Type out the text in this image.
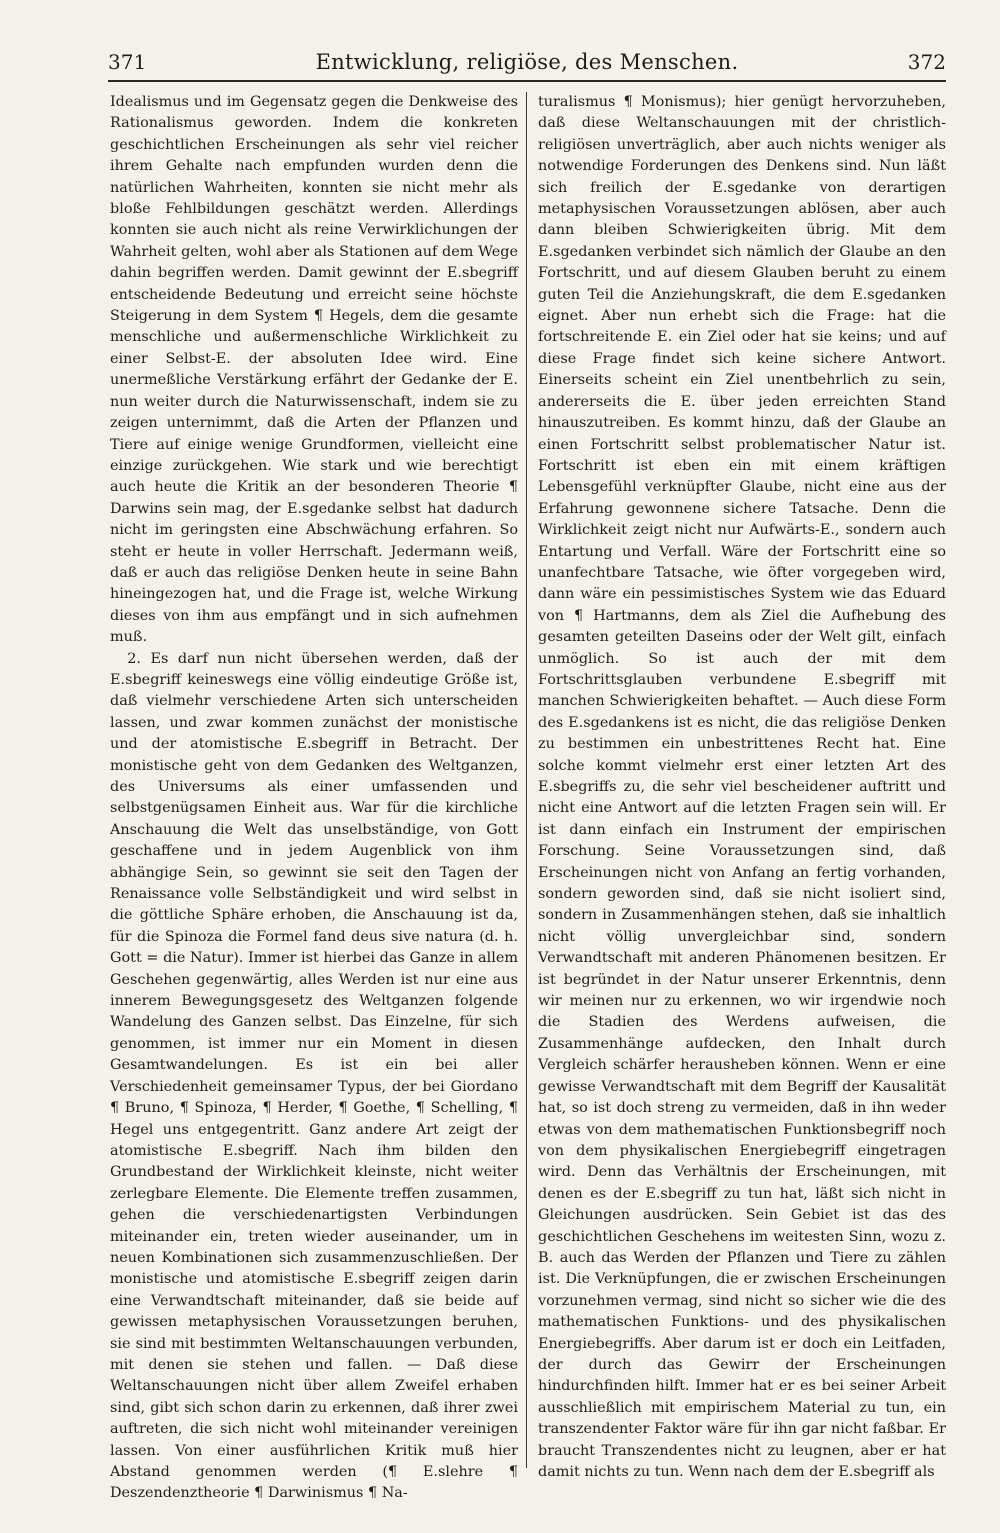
371	Entwicklung, religiöse, des Menschen.	372

Idealismus und im Gegensatz gegen die Denkweise des Rationalismus geworden. Indem die konkreten geschichtlichen Erscheinungen als sehr viel reicher ihrem Gehalte nach empfunden wurden denn die natürlichen Wahrheiten, konnten sie nicht mehr als bloße Fehlbildungen geschätzt werden. Allerdings konnten sie auch nicht als reine Verwirklichungen der Wahrheit gelten, wohl aber als Stationen auf dem Wege dahin begriffen werden. Damit gewinnt der E.sbegriff entscheidende Bedeutung und erreicht seine höchste Steigerung in dem System ¶ Hegels, dem die gesamte menschliche und außermenschliche Wirklichkeit zu einer Selbst-E. der absoluten Idee wird. Eine unermeßliche Verstärkung erfährt der Gedanke der E. nun weiter durch die Naturwissenschaft, indem sie zu zeigen unternimmt, daß die Arten der Pflanzen und Tiere auf einige wenige Grundformen, vielleicht eine einzige zurückgehen. Wie stark und wie berechtigt auch heute die Kritik an der besonderen Theorie ¶ Darwins sein mag, der E.sgedanke selbst hat dadurch nicht im geringsten eine Abschwächung erfahren. So steht er heute in voller Herrschaft. Jedermann weiß, daß er auch das religiöse Denken heute in seine Bahn hineingezogen hat, und die Frage ist, welche Wirkung dieses von ihm aus empfängt und in sich aufnehmen muß.

2. Es darf nun nicht übersehen werden, daß der E.sbegriff keineswegs eine völlig eindeutige Größe ist, daß vielmehr verschiedene Arten sich unterscheiden lassen, und zwar kommen zunächst der monistische und der atomistische E.sbegriff in Betracht. Der monistische geht von dem Gedanken des Weltganzen, des Universums als einer umfassenden und selbstgenügsamen Einheit aus. War für die kirchliche Anschauung die Welt das unselbständige, von Gott geschaffene und in jedem Augenblick von ihm abhängige Sein, so gewinnt sie seit den Tagen der Renaissance volle Selbständigkeit und wird selbst in die göttliche Sphäre erhoben, die Anschauung ist da, für die Spinoza die Formel fand deus sive natura (d. h. Gott = die Natur). Immer ist hierbei das Ganze in allem Geschehen gegenwärtig, alles Werden ist nur eine aus innerem Bewegungsgesetz des Weltganzen folgende Wandelung des Ganzen selbst. Das Einzelne, für sich genommen, ist immer nur ein Moment in diesen Gesamtwandelungen. Es ist ein bei aller Verschiedenheit gemeinsamer Typus, der bei Giordano ¶ Bruno, ¶ Spinoza, ¶ Herder, ¶ Goethe, ¶ Schelling, ¶ Hegel uns entgegentritt. Ganz andere Art zeigt der atomistische E.sbegriff. Nach ihm bilden den Grundbestand der Wirklichkeit kleinste, nicht weiter zerlegbare Elemente. Die Elemente treffen zusammen, gehen die verschiedenartigsten Verbindungen miteinander ein, treten wieder auseinander, um in neuen Kombinationen sich zusammenzuschließen. Der monistische und atomistische E.sbegriff zeigen darin eine Verwandtschaft miteinander, daß sie beide auf gewissen metaphysischen Voraussetzungen beruhen, sie sind mit bestimmten Weltanschauungen verbunden, mit denen sie stehen und fallen. — Daß diese Weltanschauungen nicht über allem Zweifel erhaben sind, gibt sich schon darin zu erkennen, daß ihrer zwei auftreten, die sich nicht wohl miteinander vereinigen lassen. Von einer ausführlichen Kritik muß hier Abstand genommen werden (¶ E.slehre ¶ Deszendenztheorie ¶ Darwinismus ¶ Na-

turalismus ¶ Monismus); hier genügt hervorzuheben, daß diese Weltanschauungen mit der christlich-religiösen unverträglich, aber auch nichts weniger als notwendige Forderungen des Denkens sind. Nun läßt sich freilich der E.sgedanke von derartigen metaphysischen Voraussetzungen ablösen, aber auch dann bleiben Schwierigkeiten übrig. Mit dem E.sgedanken verbindet sich nämlich der Glaube an den Fortschritt, und auf diesem Glauben beruht zu einem guten Teil die Anziehungskraft, die dem E.sgedanken eignet. Aber nun erhebt sich die Frage: hat die fortschreitende E. ein Ziel oder hat sie keins; und auf diese Frage findet sich keine sichere Antwort. Einerseits scheint ein Ziel unentbehrlich zu sein, andererseits die E. über jeden erreichten Stand hinauszutreiben. Es kommt hinzu, daß der Glaube an einen Fortschritt selbst problematischer Natur ist. Fortschritt ist eben ein mit einem kräftigen Lebensgefühl verknüpfter Glaube, nicht eine aus der Erfahrung gewonnene sichere Tatsache. Denn die Wirklichkeit zeigt nicht nur Aufwärts-E., sondern auch Entartung und Verfall. Wäre der Fortschritt eine so unanfechtbare Tatsache, wie öfter vorgegeben wird, dann wäre ein pessimistisches System wie das Eduard von ¶ Hartmanns, dem als Ziel die Aufhebung des gesamten geteilten Daseins oder der Welt gilt, einfach unmöglich. So ist auch der mit dem Fortschrittsglauben verbundene E.sbegriff mit manchen Schwierigkeiten behaftet. — Auch diese Form des E.sgedankens ist es nicht, die das religiöse Denken zu bestimmen ein unbestrittenes Recht hat. Eine solche kommt vielmehr erst einer letzten Art des E.sbegriffs zu, die sehr viel bescheidener auftritt und nicht eine Antwort auf die letzten Fragen sein will. Er ist dann einfach ein Instrument der empirischen Forschung. Seine Voraussetzungen sind, daß Erscheinungen nicht von Anfang an fertig vorhanden, sondern geworden sind, daß sie nicht isoliert sind, sondern in Zusammenhängen stehen, daß sie inhaltlich nicht völlig unvergleichbar sind, sondern Verwandtschaft mit anderen Phänomenen besitzen. Er ist begründet in der Natur unserer Erkenntnis, denn wir meinen nur zu erkennen, wo wir irgendwie noch die Stadien des Werdens aufweisen, die Zusammenhänge aufdecken, den Inhalt durch Vergleich schärfer herausheben können. Wenn er eine gewisse Verwandtschaft mit dem Begriff der Kausalität hat, so ist doch streng zu vermeiden, daß in ihn weder etwas von dem mathematischen Funktionsbegriff noch von dem physikalischen Energiebegriff eingetragen wird. Denn das Verhältnis der Erscheinungen, mit denen es der E.sbegriff zu tun hat, läßt sich nicht in Gleichungen ausdrücken. Sein Gebiet ist das des geschichtlichen Geschehens im weitesten Sinn, wozu z. B. auch das Werden der Pflanzen und Tiere zu zählen ist. Die Verknüpfungen, die er zwischen Erscheinungen vorzunehmen vermag, sind nicht so sicher wie die des mathematischen Funktions- und des physikalischen Energiebegriffs. Aber darum ist er doch ein Leitfaden, der durch das Gewirr der Erscheinungen hindurchfinden hilft. Immer hat er es bei seiner Arbeit ausschließlich mit empirischem Material zu tun, ein transzendenter Faktor wäre für ihn gar nicht faßbar. Er braucht Transzendentes nicht zu leugnen, aber er hat damit nichts zu tun. Wenn nach dem der E.sbegriff als
